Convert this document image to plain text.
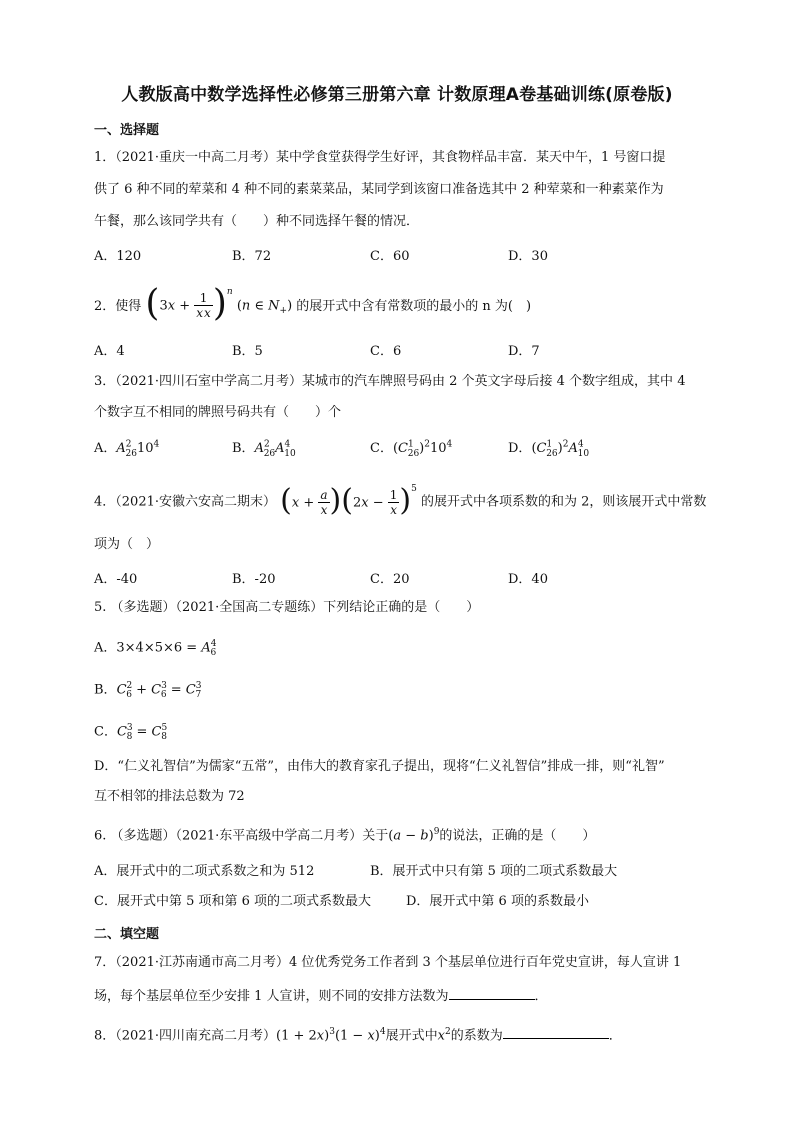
人教版高中数学选择性必修第三册第六章 计数原理A卷基础训练(原卷版)
一、选择题
1．（2021·重庆一中高二月考）某中学食堂获得学生好评，其食物样品丰富．某天中午，1 号窗口提
供了 6 种不同的荤菜和 4 种不同的素菜菜品，某同学到该窗口准备选其中 2 种荤菜和一种素菜作为
午餐，那么该同学共有（　　）种不同选择午餐的情况．
A．120	B．72	C．60	D．30
2．使得 $(3x + \frac{1}{xx} )^n$ (n ∈ $N_+$) 的展开式中含有常数项的最小的 n 为(　)
A．4	B．5	C．6	D．7
3．（2021·四川石室中学高二月考）某城市的汽车牌照号码由 2 个英文字母后接 4 个数字组成，其中 4
个数字互不相同的牌照号码共有（　　）个
A．$A^2_{26}10^4$	B．$A^2_{26}A^4_{10}$	C．$(C^1_{26})^210^4$	D．$(C^1_{26})^2A^4_{10}$
4．（2021·安徽六安高二期末） $(x + \frac{a}{x} )(2x - \frac{1}{x} )^5$ 的展开式中各项系数的和为 2，则该展开式中常数
项为（　）
A．-40	B．-20	C．20	D．40
5. （多选题）（2021·全国高二专题练）下列结论正确的是（　　）
A．$3\times 4\times 5\times 6 = A^4_6$
B．$C^2_6 + C^3_6 = C^3_7$
C．$C^3_8 = C^5_8$
D．“仁义礼智信”为儒家“五常”，由伟大的教育家孔子提出，现将“仁义礼智信”排成一排，则“礼智”
互不相邻的排法总数为 72
6. （多选题）（2021·东平高级中学高二月考）关于$(a - b)^9$的说法，正确的是（　　）
A．展开式中的二项式系数之和为 512	B．展开式中只有第 5 项的二项式系数最大
C．展开式中第 5 项和第 6 项的二项式系数最大	D．展开式中第 6 项的系数最小
二、填空题
7．（2021·江苏南通市高二月考）4 位优秀党务工作者到 3 个基层单位进行百年党史宣讲，每人宣讲 1
场，每个基层单位至少安排 1 人宣讲，则不同的安排方法数为	．
8．（2021·四川南充高二月考）$(1 + 2x)^3(1 - x)^4$展开式中$x^2$的系数为	．
